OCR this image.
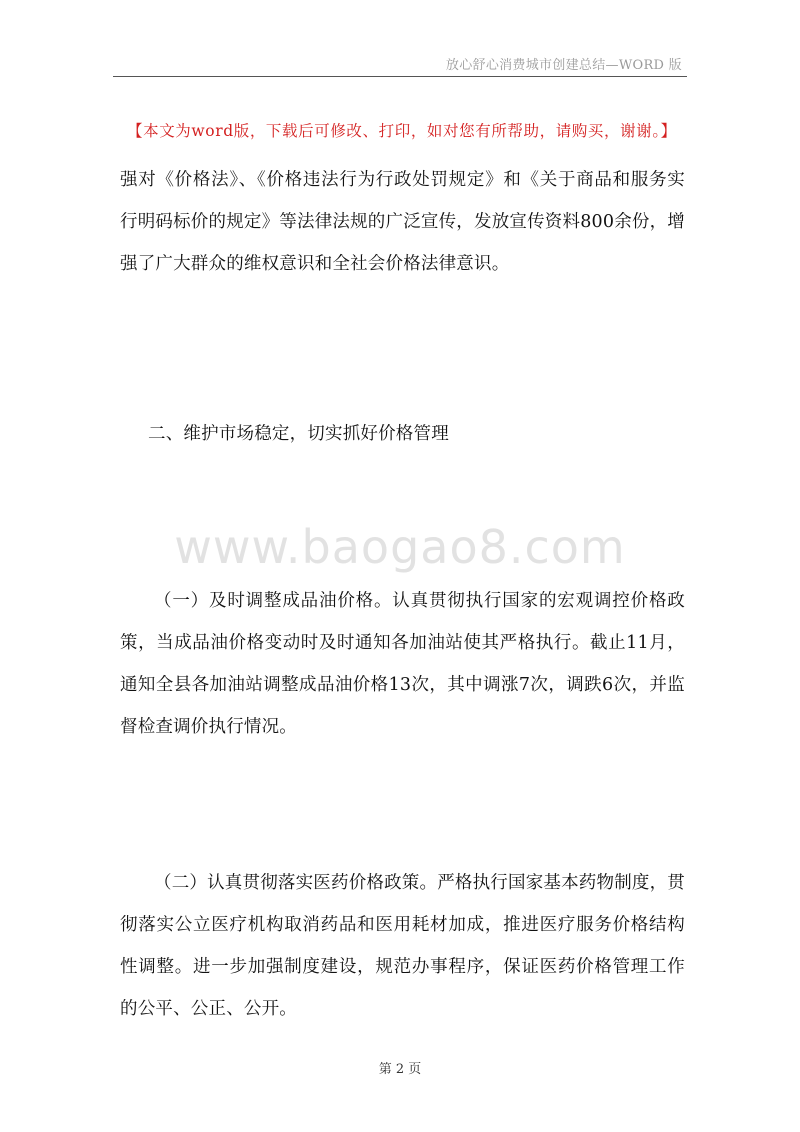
放心舒心消费城市创建总结—WORD 版
【本文为word版，下载后可修改、打印，如对您有所帮助，请购买，谢谢。】
强对《价格法》、《价格违法行为行政处罚规定》和《关于商品和服务实行明码标价的规定》等法律法规的广泛宣传，发放宣传资料800余份，增强了广大群众的维权意识和全社会价格法律意识。
二、维护市场稳定，切实抓好价格管理
www.baogao8.com
（一）及时调整成品油价格。认真贯彻执行国家的宏观调控价格政策，当成品油价格变动时及时通知各加油站使其严格执行。截止11月，通知全县各加油站调整成品油价格13次，其中调涨7次，调跌6次，并监督检查调价执行情况。
（二）认真贯彻落实医药价格政策。严格执行国家基本药物制度，贯彻落实公立医疗机构取消药品和医用耗材加成，推进医疗服务价格结构性调整。进一步加强制度建设，规范办事程序，保证医药价格管理工作的公平、公正、公开。
第 2 页
